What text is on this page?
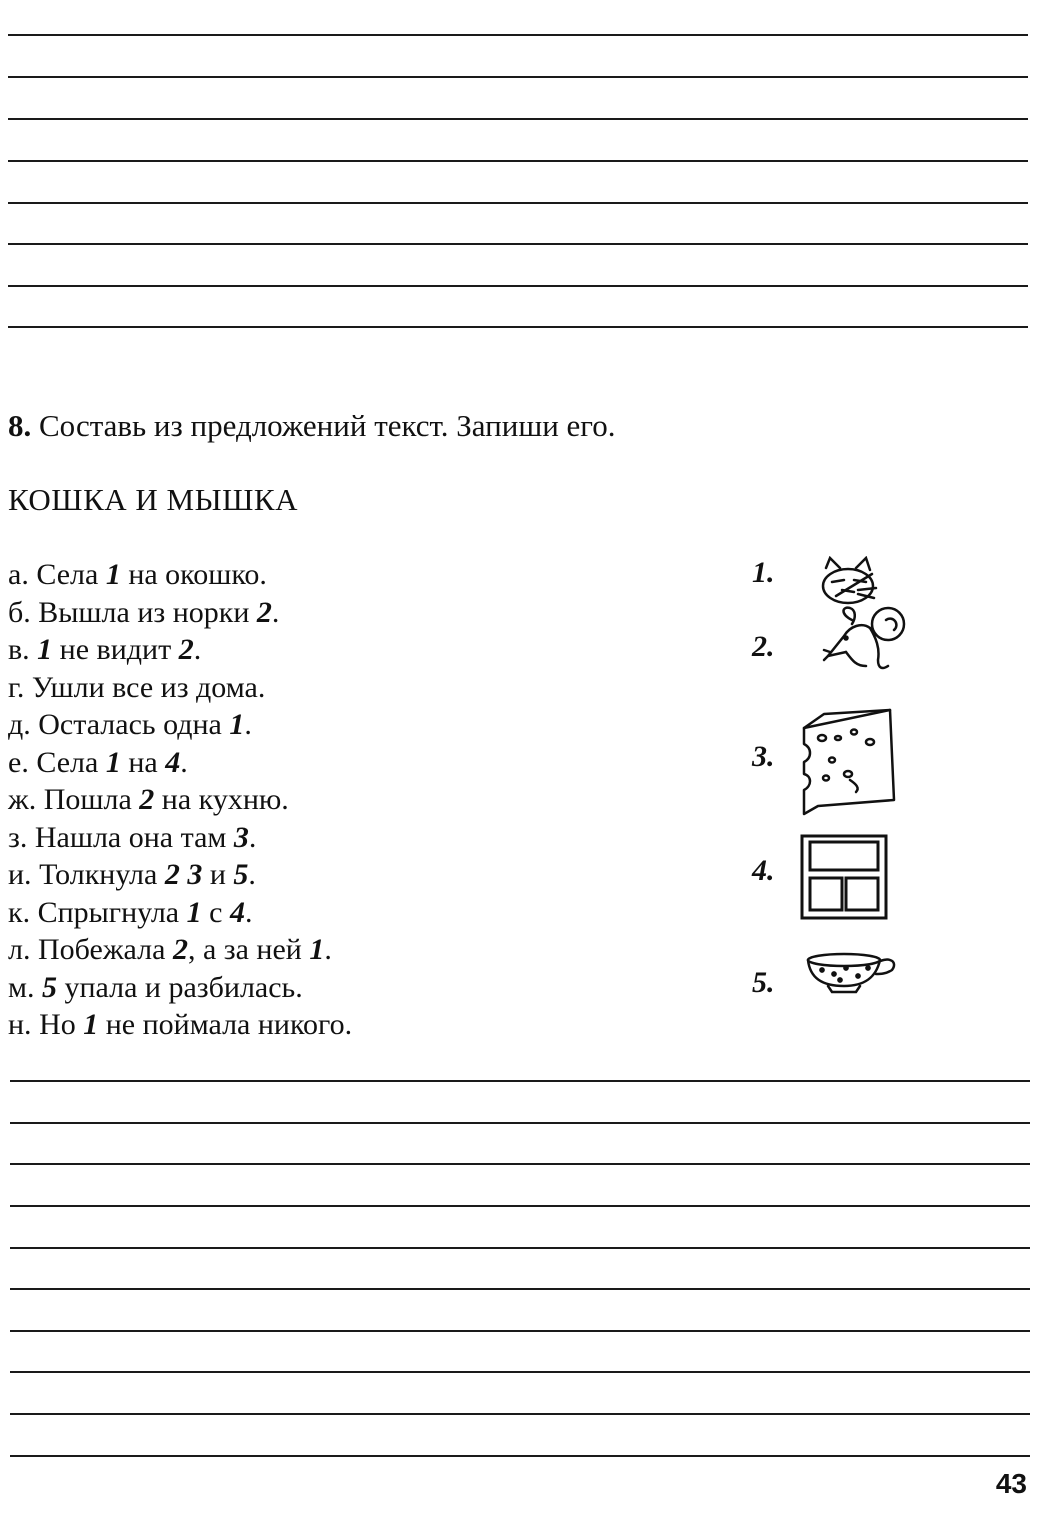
8. Составь из предложений текст. Запиши его.
КОШКА И МЫШКА
а. Села 1 на окошко.
б. Вышла из норки 2.
в. 1 не видит 2.
г. Ушли все из дома.
д. Осталась одна 1.
е. Села 1 на 4.
ж. Пошла 2 на кухню.
з. Нашла она там 3.
и. Толкнула 2 3 и 5.
к. Спрыгнула 1 с 4.
л. Побежала 2, а за ней 1.
м. 5 упала и разбилась.
н. Но 1 не поймала никого.
1.
2.
3.
4.
5.
43
